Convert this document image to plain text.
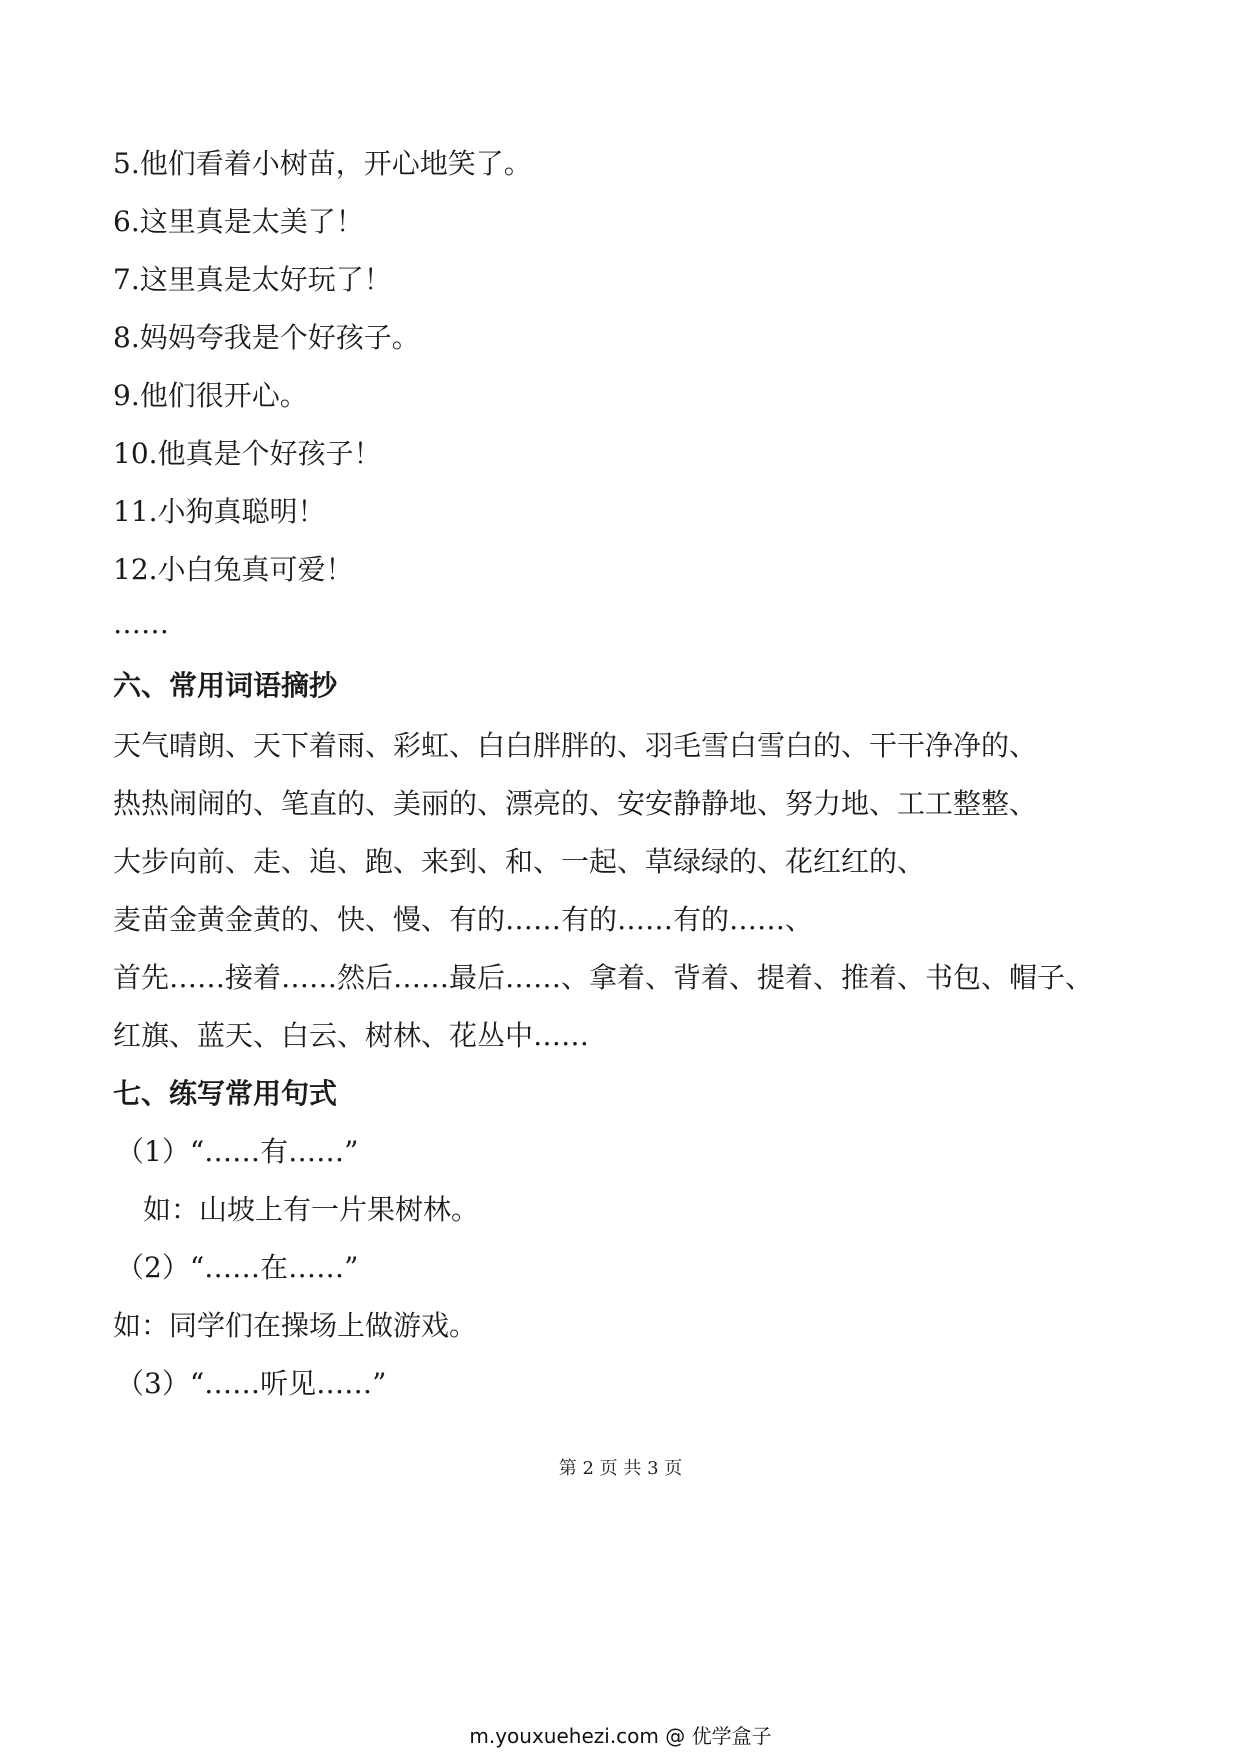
5.他们看着小树苗，开心地笑了。
6.这里真是太美了！
7.这里真是太好玩了！
8.妈妈夸我是个好孩子。
9.他们很开心。
10.他真是个好孩子！
11.小狗真聪明！
12.小白兔真可爱！
……
六、常用词语摘抄
天气晴朗、天下着雨、彩虹、白白胖胖的、羽毛雪白雪白的、干干净净的、
热热闹闹的、笔直的、美丽的、漂亮的、安安静静地、努力地、工工整整、
大步向前、走、追、跑、来到、和、一起、草绿绿的、花红红的、
麦苗金黄金黄的、快、慢、有的……有的……有的……、
首先……接着……然后……最后……、拿着、背着、提着、推着、书包、帽子、
红旗、蓝天、白云、树林、花丛中……
七、练写常用句式
（1）“……有……”
如：山坡上有一片果树林。
（2）“……在……”
如：同学们在操场上做游戏。
（3）“……听见……”
第 2 页 共 3 页
m.youxuehezi.com @ 优学盒子
